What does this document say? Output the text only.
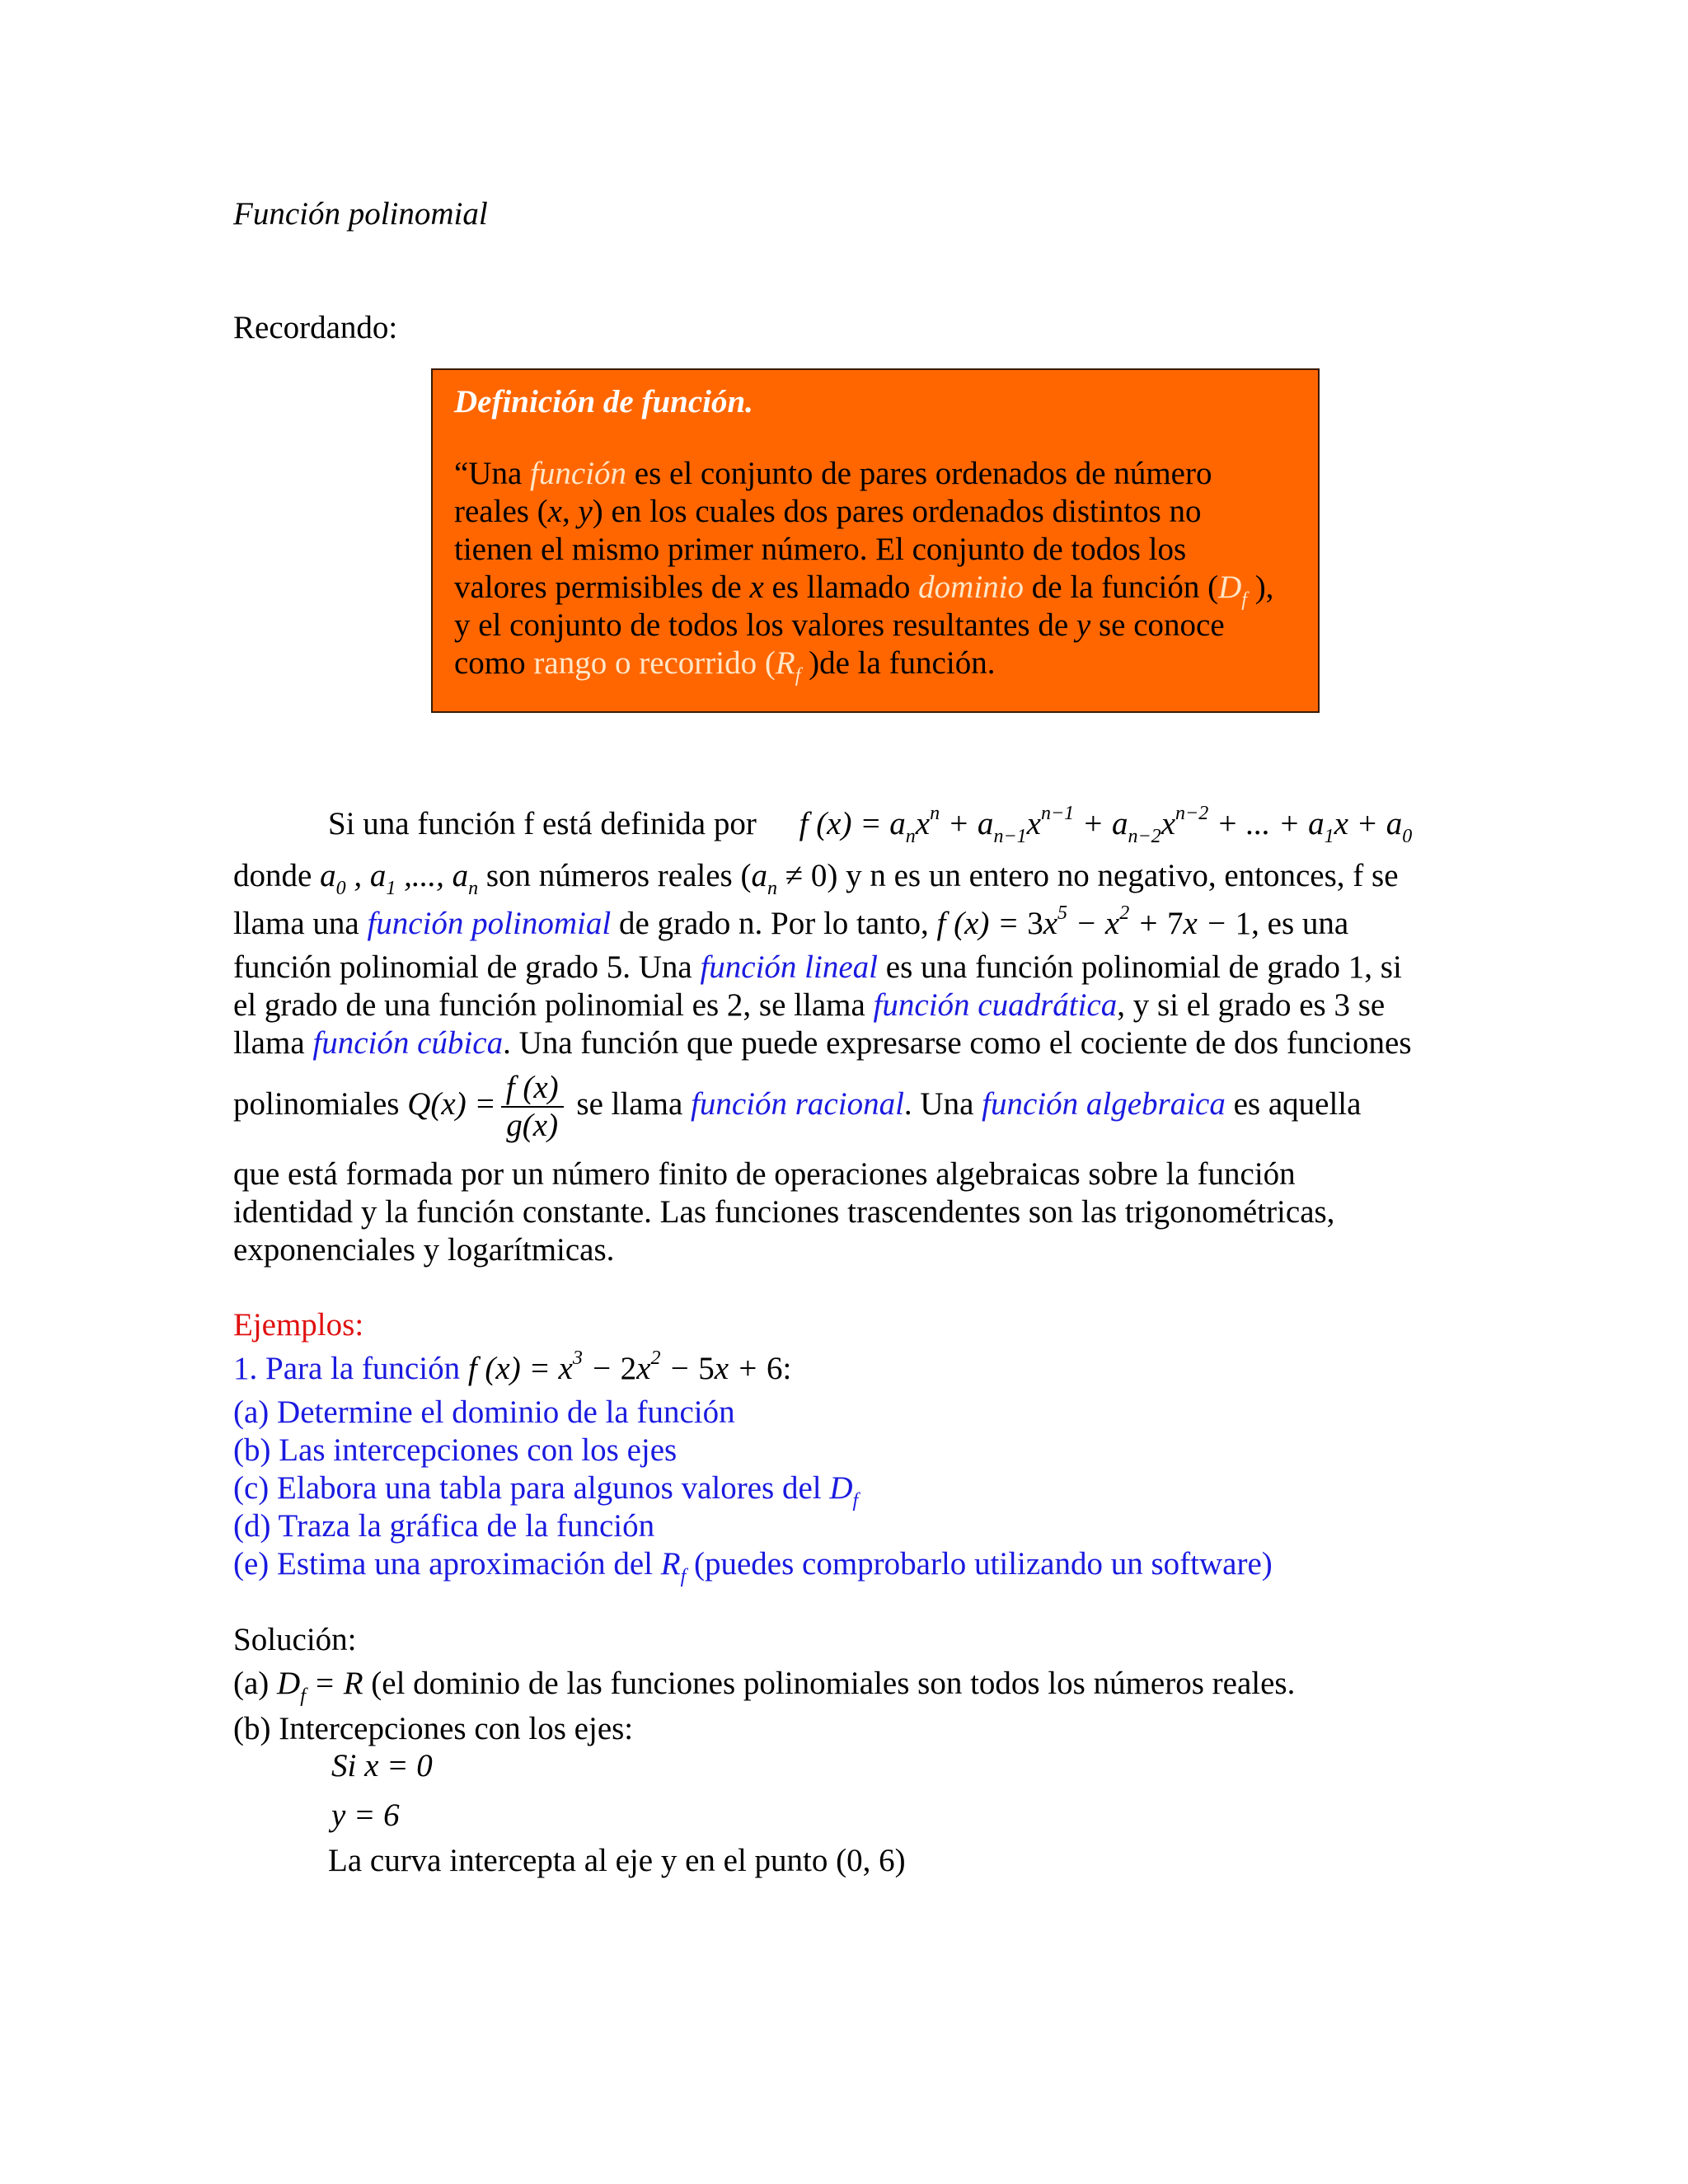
Función polinomial
Recordando:
Definición de función.
“Una función es el conjunto de pares ordenados de número
reales (x, y) en los cuales dos pares ordenados distintos no
tienen el mismo primer número. El conjunto de todos los
valores permisibles de x es llamado dominio de la función ($D_f$ ),
y el conjunto de todos los valores resultantes de y se conoce
como rango o recorrido ($R_f$ )de la función.
Si una función f está definida por f $(x) = a_nx^n + a_{n-1}x^{n-1} + a_{n-2}x^{n-2}$ + ... + $a_1x + a_0$
donde $a_0$ , $a_1$ ,..., $a_n$ son números reales $(a_n \ne 0)$ y n es un entero no negativo, entonces, f se
llama una función polinomial de grado n. Por lo tanto, f $(x) = 3x^5 - x^2 + 7x - 1$, es una
función polinomial de grado 5. Una función lineal es una función polinomial de grado 1, si
el grado de una función polinomial es 2, se llama función cuadrática, y si el grado es 3 se
llama función cúbica. Una función que puede expresarse como el cociente de dos funciones
polinomiales $Q(x) = \frac{f (x)}{g(x)}$ se llama función racional. Una función algebraica es aquella
que está formada por un número finito de operaciones algebraicas sobre la función
identidad y la función constante. Las funciones trascendentes son las trigonométricas,
exponenciales y logarítmicas.
Ejemplos:
1. Para la función f $(x) = x^3 - 2x^2 - 5x + 6$:
(a) Determine el dominio de la función
(b) Las intercepciones con los ejes
(c) Elabora una tabla para algunos valores del $D_f$
(d) Traza la gráfica de la función
(e) Estima una aproximación del $R_f$ (puedes comprobarlo utilizando un software)
Solución:
(a) $D_f = R$ (el dominio de las funciones polinomiales son todos los números reales.
(b) Intercepciones con los ejes:
Si x = 0
y = 6
La curva intercepta al eje y en el punto (0, 6)
